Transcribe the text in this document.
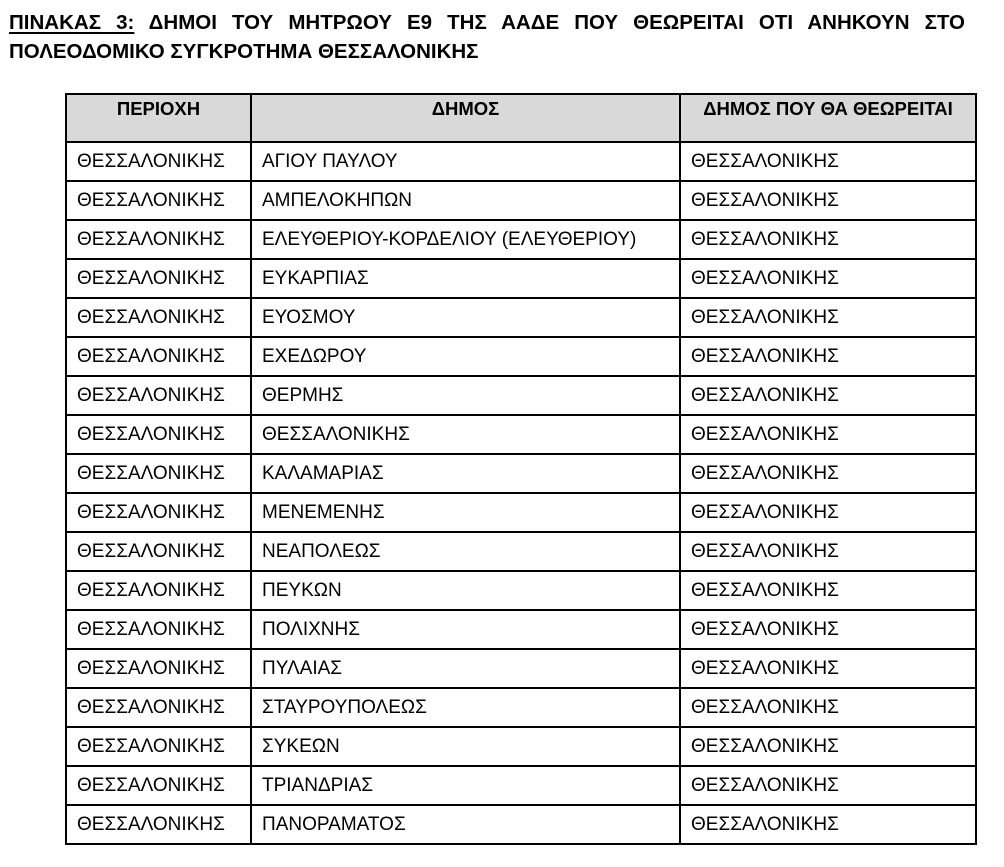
ΠΙΝΑΚΑΣ 3: ΔΗΜΟΙ ΤΟΥ ΜΗΤΡΩΟΥ Ε9 ΤΗΣ ΑΑΔΕ ΠΟΥ ΘΕΩΡΕΙΤΑΙ ΟΤΙ ΑΝΗΚΟΥΝ ΣΤΟ ΠΟΛΕΟΔΟΜΙΚΟ ΣΥΓΚΡΟΤΗΜΑ ΘΕΣΣΑΛΟΝΙΚΗΣ
ΠΕΡΙΟΧΗ	ΔΗΜΟΣ	ΔΗΜΟΣ ΠΟΥ ΘΑ ΘΕΩΡΕΙΤΑΙ
ΘΕΣΣΑΛΟΝΙΚΗΣ	ΑΓΙΟΥ ΠΑΥΛΟΥ	ΘΕΣΣΑΛΟΝΙΚΗΣ
ΘΕΣΣΑΛΟΝΙΚΗΣ	ΑΜΠΕΛΟΚΗΠΩΝ	ΘΕΣΣΑΛΟΝΙΚΗΣ
ΘΕΣΣΑΛΟΝΙΚΗΣ	ΕΛΕΥΘΕΡΙΟΥ-ΚΟΡΔΕΛΙΟΥ (ΕΛΕΥΘΕΡΙΟΥ)	ΘΕΣΣΑΛΟΝΙΚΗΣ
ΘΕΣΣΑΛΟΝΙΚΗΣ	ΕΥΚΑΡΠΙΑΣ	ΘΕΣΣΑΛΟΝΙΚΗΣ
ΘΕΣΣΑΛΟΝΙΚΗΣ	ΕΥΟΣΜΟΥ	ΘΕΣΣΑΛΟΝΙΚΗΣ
ΘΕΣΣΑΛΟΝΙΚΗΣ	ΕΧΕΔΩΡΟΥ	ΘΕΣΣΑΛΟΝΙΚΗΣ
ΘΕΣΣΑΛΟΝΙΚΗΣ	ΘΕΡΜΗΣ	ΘΕΣΣΑΛΟΝΙΚΗΣ
ΘΕΣΣΑΛΟΝΙΚΗΣ	ΘΕΣΣΑΛΟΝΙΚΗΣ	ΘΕΣΣΑΛΟΝΙΚΗΣ
ΘΕΣΣΑΛΟΝΙΚΗΣ	ΚΑΛΑΜΑΡΙΑΣ	ΘΕΣΣΑΛΟΝΙΚΗΣ
ΘΕΣΣΑΛΟΝΙΚΗΣ	ΜΕΝΕΜΕΝΗΣ	ΘΕΣΣΑΛΟΝΙΚΗΣ
ΘΕΣΣΑΛΟΝΙΚΗΣ	ΝΕΑΠΟΛΕΩΣ	ΘΕΣΣΑΛΟΝΙΚΗΣ
ΘΕΣΣΑΛΟΝΙΚΗΣ	ΠΕΥΚΩΝ	ΘΕΣΣΑΛΟΝΙΚΗΣ
ΘΕΣΣΑΛΟΝΙΚΗΣ	ΠΟΛΙΧΝΗΣ	ΘΕΣΣΑΛΟΝΙΚΗΣ
ΘΕΣΣΑΛΟΝΙΚΗΣ	ΠΥΛΑΙΑΣ	ΘΕΣΣΑΛΟΝΙΚΗΣ
ΘΕΣΣΑΛΟΝΙΚΗΣ	ΣΤΑΥΡΟΥΠΟΛΕΩΣ	ΘΕΣΣΑΛΟΝΙΚΗΣ
ΘΕΣΣΑΛΟΝΙΚΗΣ	ΣΥΚΕΩΝ	ΘΕΣΣΑΛΟΝΙΚΗΣ
ΘΕΣΣΑΛΟΝΙΚΗΣ	ΤΡΙΑΝΔΡΙΑΣ	ΘΕΣΣΑΛΟΝΙΚΗΣ
ΘΕΣΣΑΛΟΝΙΚΗΣ	ΠΑΝΟΡΑΜΑΤΟΣ	ΘΕΣΣΑΛΟΝΙΚΗΣ
